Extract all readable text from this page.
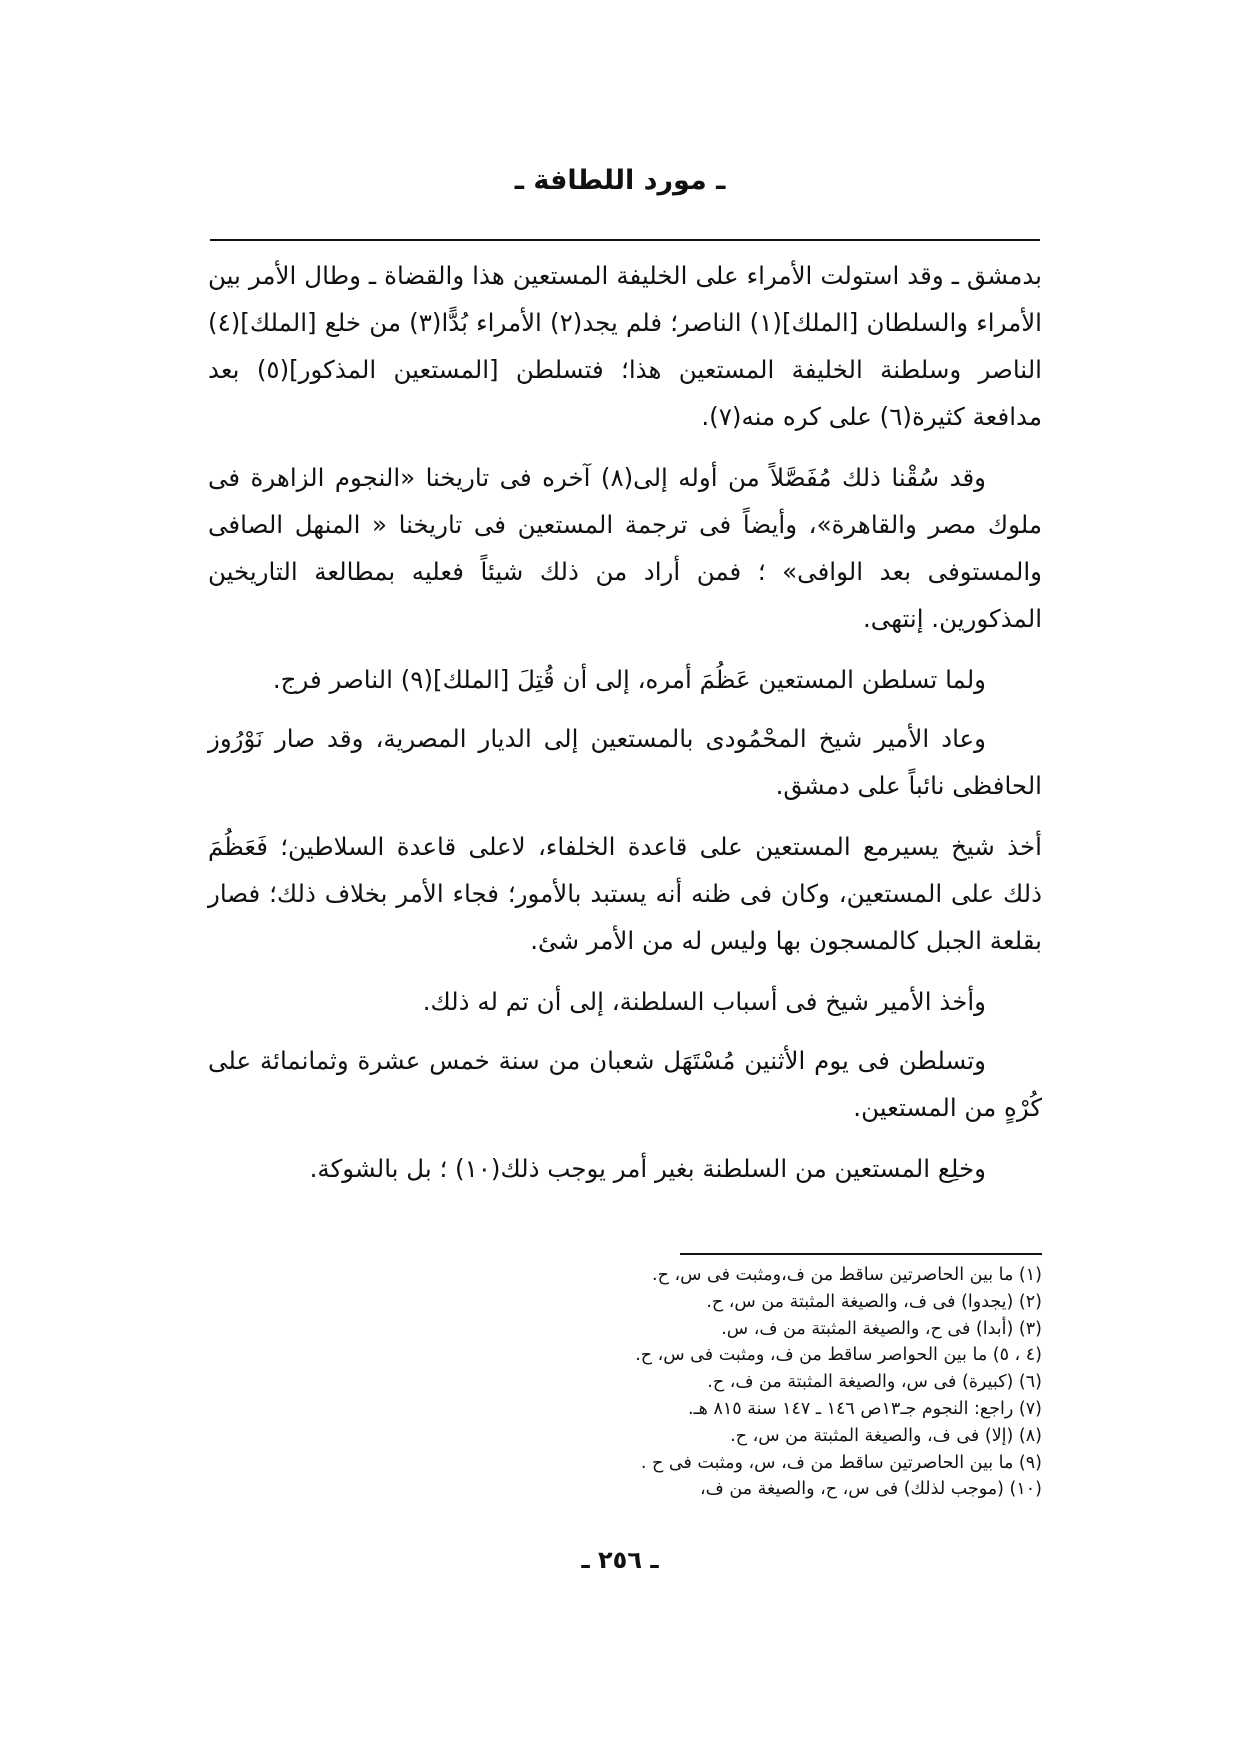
ـ مورد اللطافة ـ

بدمشق ـ وقد استولت الأمراء على الخليفة المستعين هذا والقضاة ـ وطال الأمر بين الأمراء والسلطان [الملك](١) الناصر؛ فلم يجد(٢) الأمراء بُدًّا(٣) من خلع [الملك](٤) الناصر وسلطنة الخليفة المستعين هذا؛ فتسلطن [المستعين المذكور](٥) بعد مدافعة كثيرة(٦) على كره منه(٧).

وقد سُقْنا ذلك مُفَصَّلاً من أوله إلى(٨) آخره فى تاريخنا «النجوم الزاهرة فى ملوك مصر والقاهرة»، وأيضاً فى ترجمة المستعين فى تاريخنا « المنهل الصافى والمستوفى بعد الوافى» ؛ فمن أراد من ذلك شيئاً فعليه بمطالعة التاريخين المذكورين. إنتهى.

ولما تسلطن المستعين عَظُمَ أمره، إلى أن قُتِلَ [الملك](٩) الناصر فرج.

وعاد الأمير شيخ المحْمُودى بالمستعين إلى الديار المصرية، وقد صار نَوْرُوز الحافظى نائباً على دمشق.

أخذ شيخ يسيرمع المستعين على قاعدة الخلفاء، لاعلى قاعدة السلاطين؛ فَعَظُمَ ذلك على المستعين، وكان فى ظنه أنه يستبد بالأمور؛ فجاء الأمر بخلاف ذلك؛ فصار بقلعة الجبل كالمسجون بها وليس له من الأمر شئ.

وأخذ الأمير شيخ فى أسباب السلطنة، إلى أن تم له ذلك.

وتسلطن فى يوم الأثنين مُسْتَهَل شعبان من سنة خمس عشرة وثمانمائة على كُرْهٍ من المستعين.

وخلِع المستعين من السلطنة بغير أمر يوجب ذلك(١٠) ؛ بل بالشوكة.

(١) ما بين الحاصرتين ساقط من ف،ومثبت فى س، ح.
(٢) (يجدوا) فى ف، والصيغة المثبتة من س، ح.
(٣) (أبدا) فى ح، والصيغة المثبتة من ف، س.
(٤ ، ٥) ما بين الحواصر ساقط من ف، ومثبت فى س، ح.
(٦) (كبيرة) فى س، والصيغة المثبتة من ف، ح.
(٧) راجع: النجوم جـ١٣ص ١٤٦ ـ ١٤٧ سنة ٨١٥ هـ.
(٨) (إلا) فى ف، والصيغة المثبتة من س، ح.
(٩) ما بين الحاصرتين ساقط من ف، س، ومثبت فى ح .
(١٠) (موجب لذلك) فى س، ح، والصيغة من ف،
ـ ٢٥٦ ـ
